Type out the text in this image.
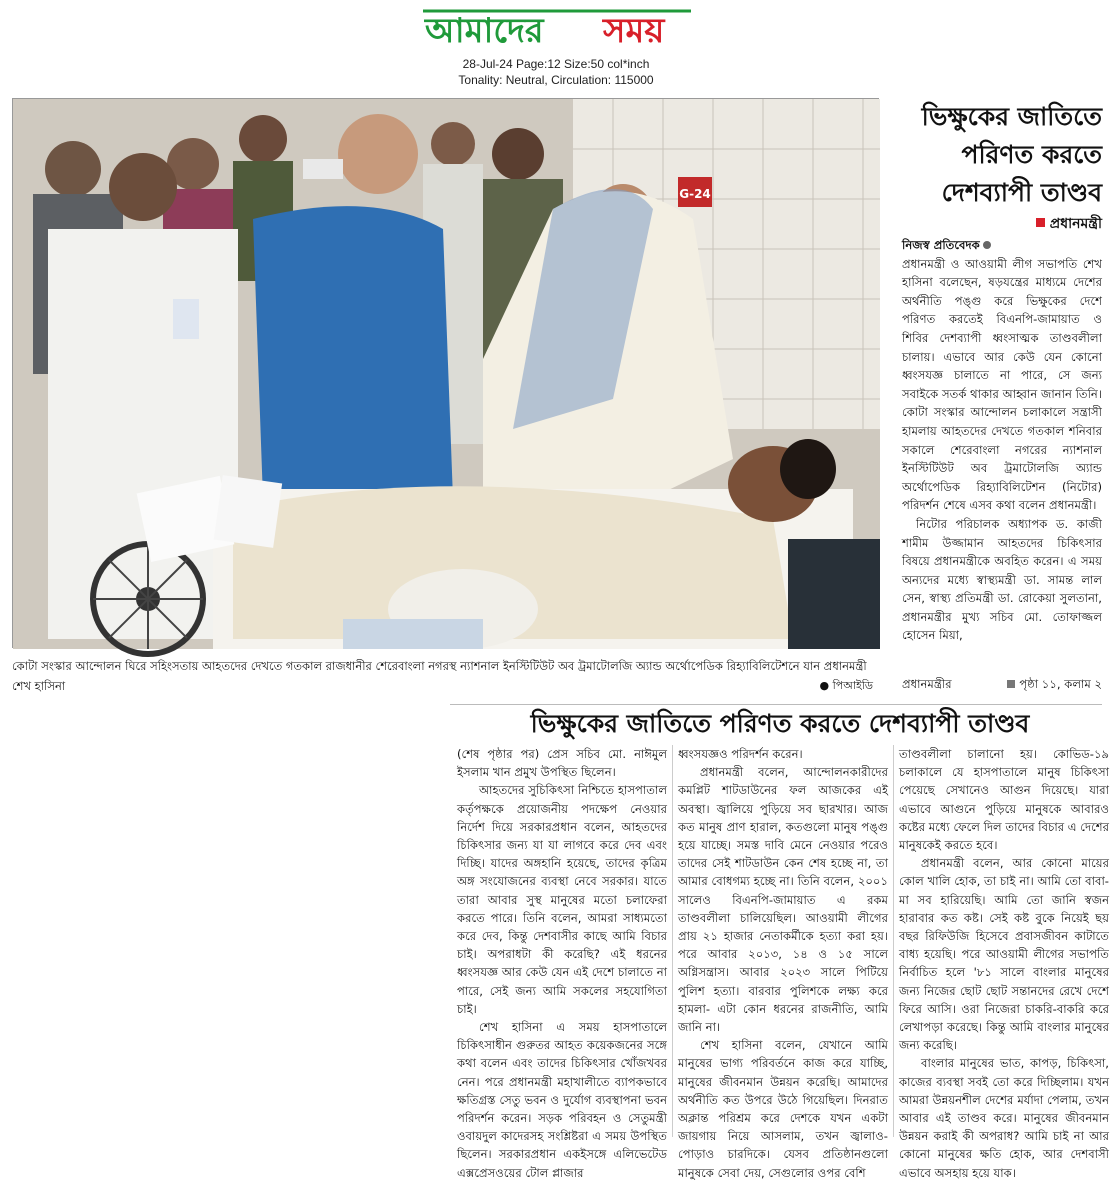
আমাদের সময়
28-Jul-24 Page:12 Size:50 col*inch
Tonality: Neutral, Circulation: 115000
G-24
কোটা সংস্কার আন্দোলন ঘিরে সহিংসতায় আহতদের দেখতে গতকাল রাজধানীর শেরেবাংলা নগরস্থ ন্যাশনাল ইনস্টিটিউট অব ট্রমাটোলজি অ্যান্ড অর্থোপেডিক রিহ্যাবিলিটেশনে যান প্রধানমন্ত্রী শেখ হাসিনা	● পিআইডি
ভিক্ষুকের জাতিতে
পরিণত করতে
দেশব্যাপী তাণ্ডব
প্রধানমন্ত্রী

নিজস্ব প্রতিবেদক

প্রধানমন্ত্রী ও আওয়ামী লীগ সভাপতি শেখ হাসিনা বলেছেন, ষড়যন্ত্রের মাধ্যমে দেশের অর্থনীতি পঙ্গু করে ভিক্ষুকের দেশে পরিণত করতেই বিএনপি-জামায়াত ও শিবির দেশব্যাপী ধ্বংসাত্মক তাণ্ডবলীলা চালায়। এভাবে আর কেউ যেন কোনো ধ্বংসযজ্ঞ চালাতে না পারে, সে জন্য সবাইকে সতর্ক থাকার আহ্বান জানান তিনি। কোটা সংস্কার আন্দোলন চলাকালে সন্ত্রাসী হামলায় আহতদের দেখতে গতকাল শনিবার সকালে শেরেবাংলা নগরের ন্যাশনাল ইনস্টিটিউট অব ট্রমাটোলজি অ্যান্ড অর্থোপেডিক রিহ্যাবিলিটেশন (নিটোর) পরিদর্শন শেষে এসব কথা বলেন প্রধানমন্ত্রী।

নিটোর পরিচালক অধ্যাপক ড. কাজী শামীম উজ্জামান আহতদের চিকিৎসার বিষয়ে প্রধানমন্ত্রীকে অবহিত করেন। এ সময় অন্যদের মধ্যে স্বাস্থ্যমন্ত্রী ডা. সামন্ত লাল সেন, স্বাস্থ্য প্রতিমন্ত্রী ডা. রোকেয়া সুলতানা, প্রধানমন্ত্রীর মুখ্য সচিব মো. তোফাজ্জল হোসেন মিয়া,

প্রধানমন্ত্রীর	পৃষ্ঠা ১১, কলাম ২
ভিক্ষুকের জাতিতে পরিণত করতে দেশব্যাপী তাণ্ডব

(শেষ পৃষ্ঠার পর) প্রেস সচিব মো. নাঈমুল ইসলাম খান প্রমুখ উপস্থিত ছিলেন।

আহতদের সুচিকিৎসা নিশ্চিতে হাসপাতাল কর্তৃপক্ষকে প্রয়োজনীয় পদক্ষেপ নেওয়ার নির্দেশ দিয়ে সরকারপ্রধান বলেন, আহতদের চিকিৎসার জন্য যা যা লাগবে করে দেব এবং দিচ্ছি। যাদের অঙ্গহানি হয়েছে, তাদের কৃত্রিম অঙ্গ সংযোজনের ব্যবস্থা নেবে সরকার। যাতে তারা আবার সুস্থ মানুষের মতো চলাফেরা করতে পারে। তিনি বলেন, আমরা সাধ্যমতো করে দেব, কিন্তু দেশবাসীর কাছে আমি বিচার চাই। অপরাধটা কী করেছি? এই ধরনের ধ্বংসযজ্ঞ আর কেউ যেন এই দেশে চালাতে না পারে, সেই জন্য আমি সকলের সহযোগিতা চাই।

শেখ হাসিনা এ সময় হাসপাতালে চিকিৎসাধীন গুরুতর আহত কয়েকজনের সঙ্গে কথা বলেন এবং তাদের চিকিৎসার খোঁজখবর নেন। পরে প্রধানমন্ত্রী মহাখালীতে ব্যাপকভাবে ক্ষতিগ্রস্ত সেতু ভবন ও দুর্যোগ ব্যবস্থাপনা ভবন পরিদর্শন করেন। সড়ক পরিবহন ও সেতুমন্ত্রী ওবায়দুল কাদেরসহ সংশ্লিষ্টরা এ সময় উপস্থিত ছিলেন। সরকারপ্রধান একইসঙ্গে এলিভেটেড এক্সপ্রেসওয়ের টোল প্লাজার

ধ্বংসযজ্ঞও পরিদর্শন করেন।

প্রধানমন্ত্রী বলেন, আন্দোলনকারীদের কমপ্লিট শাটডাউনের ফল আজকের এই অবস্থা। জ্বালিয়ে পুড়িয়ে সব ছারখার। আজ কত মানুষ প্রাণ হারাল, কতগুলো মানুষ পঙ্গু হয়ে যাচ্ছে। সমস্ত দাবি মেনে নেওয়ার পরেও তাদের সেই শাটডাউন কেন শেষ হচ্ছে না, তা আমার বোধগম্য হচ্ছে না। তিনি বলেন, ২০০১ সালেও বিএনপি-জামায়াত এ রকম তাণ্ডবলীলা চালিয়েছিল। আওয়ামী লীগের প্রায় ২১ হাজার নেতাকর্মীকে হত্যা করা হয়। পরে আবার ২০১৩, ১৪ ও ১৫ সালে অগ্নিসন্ত্রাস। আবার ২০২৩ সালে পিটিয়ে পুলিশ হত্যা। বারবার পুলিশকে লক্ষ্য করে হামলা- এটা কোন ধরনের রাজনীতি, আমি জানি না।

শেখ হাসিনা বলেন, যেখানে আমি মানুষের ভাগ্য পরিবর্তনে কাজ করে যাচ্ছি, মানুষের জীবনমান উন্নয়ন করেছি। আমাদের অর্থনীতি কত উপরে উঠে গিয়েছিল। দিনরাত অক্লান্ত পরিশ্রম করে দেশকে যখন একটা জায়গায় নিয়ে আসলাম, তখন জ্বালাও-পোড়াও চারদিকে। যেসব প্রতিষ্ঠানগুলো মানুষকে সেবা দেয়, সেগুলোর ওপর বেশি

তাণ্ডবলীলা চালানো হয়। কোভিড-১৯ চলাকালে যে হাসপাতালে মানুষ চিকিৎসা পেয়েছে সেখানেও আগুন দিয়েছে। যারা এভাবে আগুনে পুড়িয়ে মানুষকে আবারও কষ্টের মধ্যে ফেলে দিল তাদের বিচার এ দেশের মানুষকেই করতে হবে।

প্রধানমন্ত্রী বলেন, আর কোনো মায়ের কোল খালি হোক, তা চাই না। আমি তো বাবা-মা সব হারিয়েছি। আমি তো জানি স্বজন হারাবার কত কষ্ট। সেই কষ্ট বুকে নিয়েই ছয় বছর রিফিউজি হিসেবে প্রবাসজীবন কাটাতে বাধ্য হয়েছি। পরে আওয়ামী লীগের সভাপতি নির্বাচিত হলে '৮১ সালে বাংলার মানুষের জন্য নিজের ছোট ছোট সন্তানদের রেখে দেশে ফিরে আসি। ওরা নিজেরা চাকরি-বাকরি করে লেখাপড়া করেছে। কিন্তু আমি বাংলার মানুষের জন্য করেছি।

বাংলার মানুষের ভাত, কাপড়, চিকিৎসা, কাজের ব্যবস্থা সবই তো করে দিচ্ছিলাম। যখন আমরা উন্নয়নশীল দেশের মর্যাদা পেলাম, তখন আবার এই তাণ্ডব করে। মানুষের জীবনমান উন্নয়ন করাই কী অপরাধ? আমি চাই না আর কোনো মানুষের ক্ষতি হোক, আর দেশবাসী এভাবে অসহায় হয়ে যাক।
